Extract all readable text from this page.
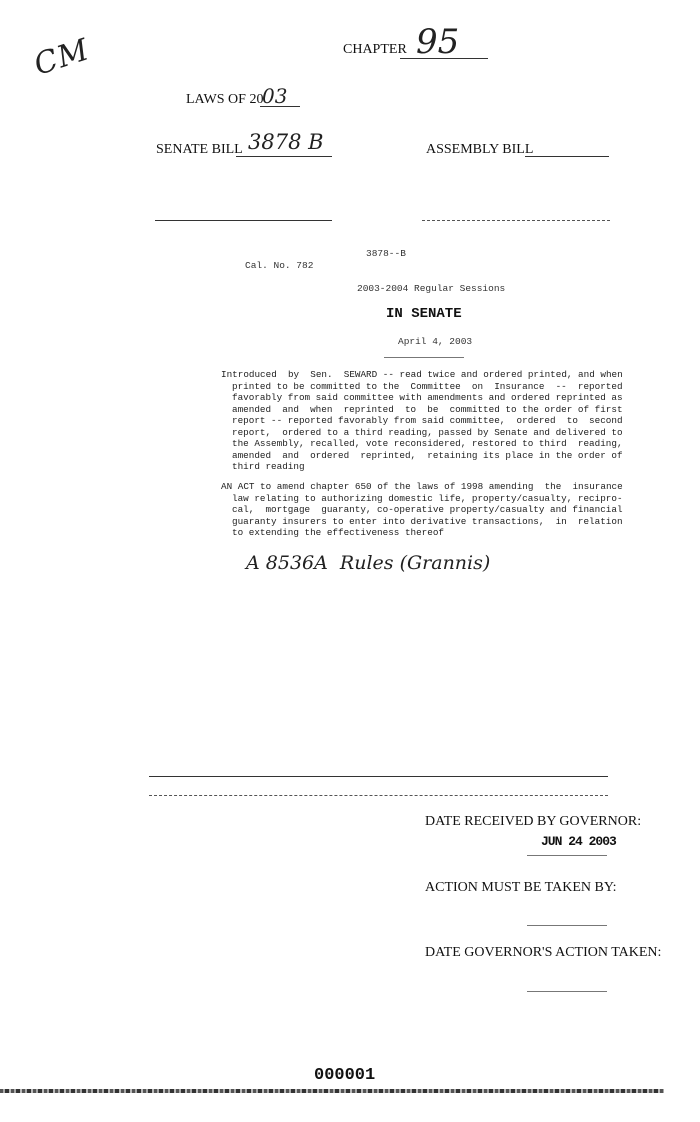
CM	CHAPTER 95
LAWS OF 20
03
SENATE BILL 3878 B	ASSEMBLY BILL
3878--B
Cal. No. 782
2003-2004 Regular Sessions
IN SENATE
April 4, 2003
Introduced  by  Sen.  SEWARD -- read twice and ordered printed, and when
printed to be committed to the  Committee  on  Insurance  --  reported
favorably from said committee with amendments and ordered reprinted as
amended  and  when  reprinted  to  be  committed to the order of first
report -- reported favorably from said committee,  ordered  to  second
report,  ordered to a third reading, passed by Senate and delivered to
the Assembly, recalled, vote reconsidered, restored to third  reading,
amended  and  ordered  reprinted,  retaining its place in the order of
third reading
AN ACT to amend chapter 650 of the laws of 1998 amending  the  insurance
law relating to authorizing domestic life, property/casualty, recipro-
cal,  mortgage  guaranty, co-operative property/casualty and financial
guaranty insurers to enter into derivative transactions,  in  relation
to extending the effectiveness thereof
A 8536A  Rules (Grannis)
DATE RECEIVED BY GOVERNOR:
JUN 24 2003
ACTION MUST BE TAKEN BY:
DATE GOVERNOR'S ACTION TAKEN:
000001
